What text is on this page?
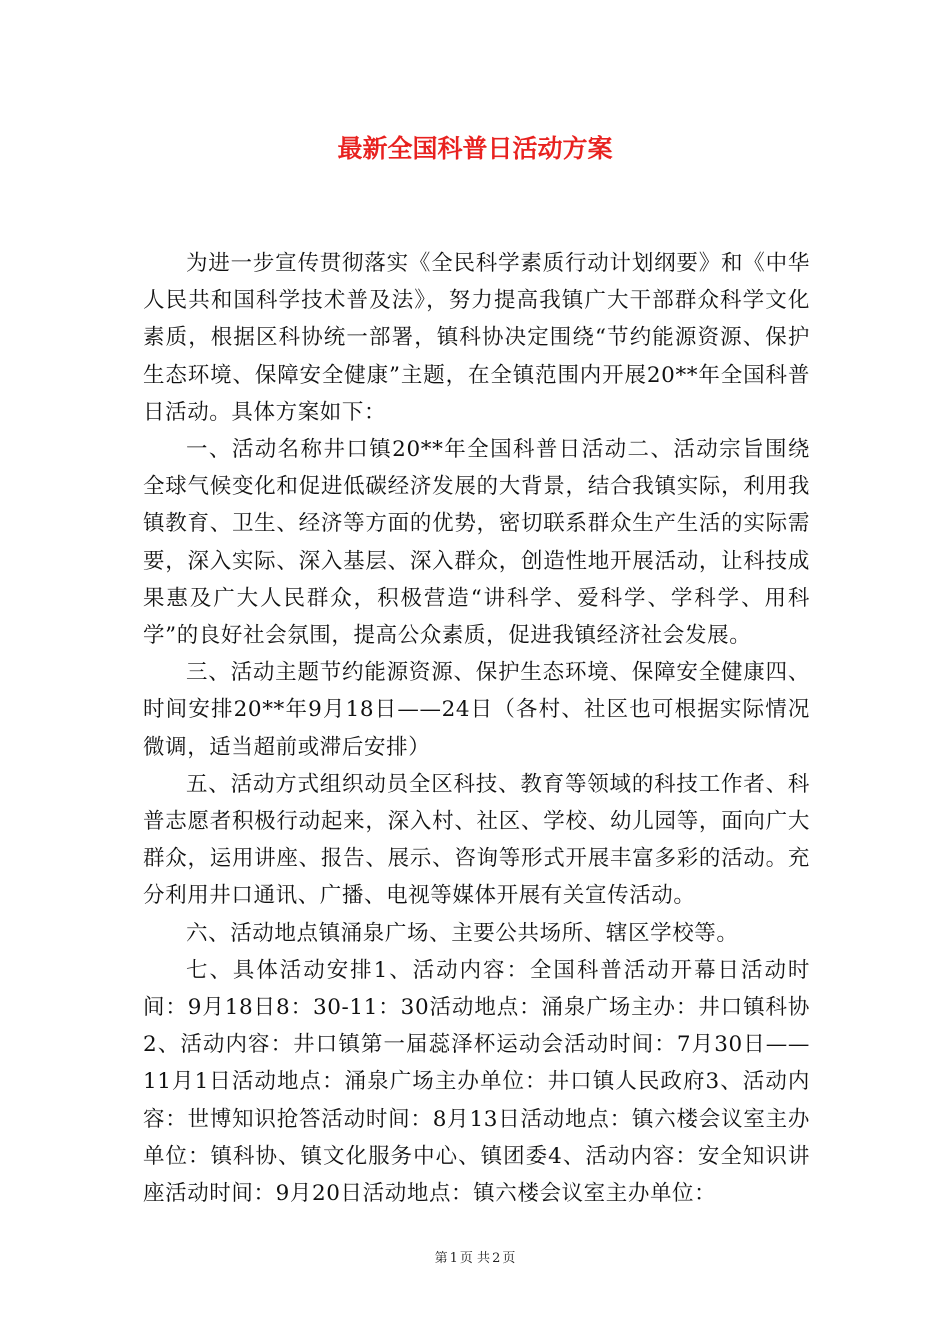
最新全国科普日活动方案

为进一步宣传贯彻落实《全民科学素质行动计划纲要》和《中华人民共和国科学技术普及法》，努力提高我镇广大干部群众科学文化素质，根据区科协统一部署，镇科协决定围绕“节约能源资源、保护生态环境、保障安全健康”主题，在全镇范围内开展20**年全国科普日活动。具体方案如下：

一、活动名称井口镇20**年全国科普日活动二、活动宗旨围绕全球气候变化和促进低碳经济发展的大背景，结合我镇实际，利用我镇教育、卫生、经济等方面的优势，密切联系群众生产生活的实际需要，深入实际、深入基层、深入群众，创造性地开展活动，让科技成果惠及广大人民群众，积极营造“讲科学、爱科学、学科学、用科学”的良好社会氛围，提高公众素质，促进我镇经济社会发展。

三、活动主题节约能源资源、保护生态环境、保障安全健康四、时间安排20**年9月18日——24日（各村、社区也可根据实际情况微调，适当超前或滞后安排）

五、活动方式组织动员全区科技、教育等领域的科技工作者、科普志愿者积极行动起来，深入村、社区、学校、幼儿园等，面向广大群众，运用讲座、报告、展示、咨询等形式开展丰富多彩的活动。充分利用井口通讯、广播、电视等媒体开展有关宣传活动。

六、活动地点镇涌泉广场、主要公共场所、辖区学校等。

七、具体活动安排1、活动内容：全国科普活动开幕日活动时间：9月18日8：30-11：30活动地点：涌泉广场主办：井口镇科协2、活动内容：井口镇第一届蕊泽杯运动会活动时间：7月30日——11月1日活动地点：涌泉广场主办单位：井口镇人民政府3、活动内容：世博知识抢答活动时间：8月13日活动地点：镇六楼会议室主办单位：镇科协、镇文化服务中心、镇团委4、活动内容：安全知识讲座活动时间：9月20日活动地点：镇六楼会议室主办单位：

第 1 页 共 2 页
